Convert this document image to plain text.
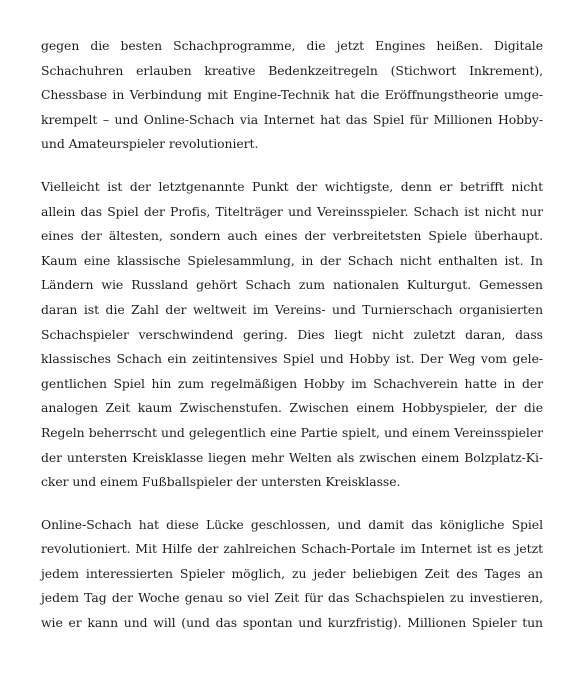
gegen die besten Schachprogramme, die jetzt Engines heißen. Digitale
Schachuhren erlauben kreative Bedenkzeitregeln (Stichwort Inkrement),
Chessbase in Verbindung mit Engine-Technik hat die Eröffnungstheorie umge-
krempelt – und Online-Schach via Internet hat das Spiel für Millionen Hobby-
und Amateurspieler revolutioniert.
Vielleicht ist der letztgenannte Punkt der wichtigste, denn er betrifft nicht
allein das Spiel der Profis, Titelträger und Vereinsspieler. Schach ist nicht nur
eines der ältesten, sondern auch eines der verbreitetsten Spiele überhaupt.
Kaum eine klassische Spielesammlung, in der Schach nicht enthalten ist. In
Ländern wie Russland gehört Schach zum nationalen Kulturgut. Gemessen
daran ist die Zahl der weltweit im Vereins- und Turnierschach organisierten
Schachspieler verschwindend gering. Dies liegt nicht zuletzt daran, dass
klassisches Schach ein zeitintensives Spiel und Hobby ist. Der Weg vom gele-
gentlichen Spiel hin zum regelmäßigen Hobby im Schachverein hatte in der
analogen Zeit kaum Zwischenstufen. Zwischen einem Hobbyspieler, der die
Regeln beherrscht und gelegentlich eine Partie spielt, und einem Vereinsspieler
der untersten Kreisklasse liegen mehr Welten als zwischen einem Bolzplatz-Ki-
cker und einem Fußballspieler der untersten Kreisklasse.
Online-Schach hat diese Lücke geschlossen, und damit das königliche Spiel
revolutioniert. Mit Hilfe der zahlreichen Schach-Portale im Internet ist es jetzt
jedem interessierten Spieler möglich, zu jeder beliebigen Zeit des Tages an
jedem Tag der Woche genau so viel Zeit für das Schachspielen zu investieren,
wie er kann und will (und das spontan und kurzfristig). Millionen Spieler tun
